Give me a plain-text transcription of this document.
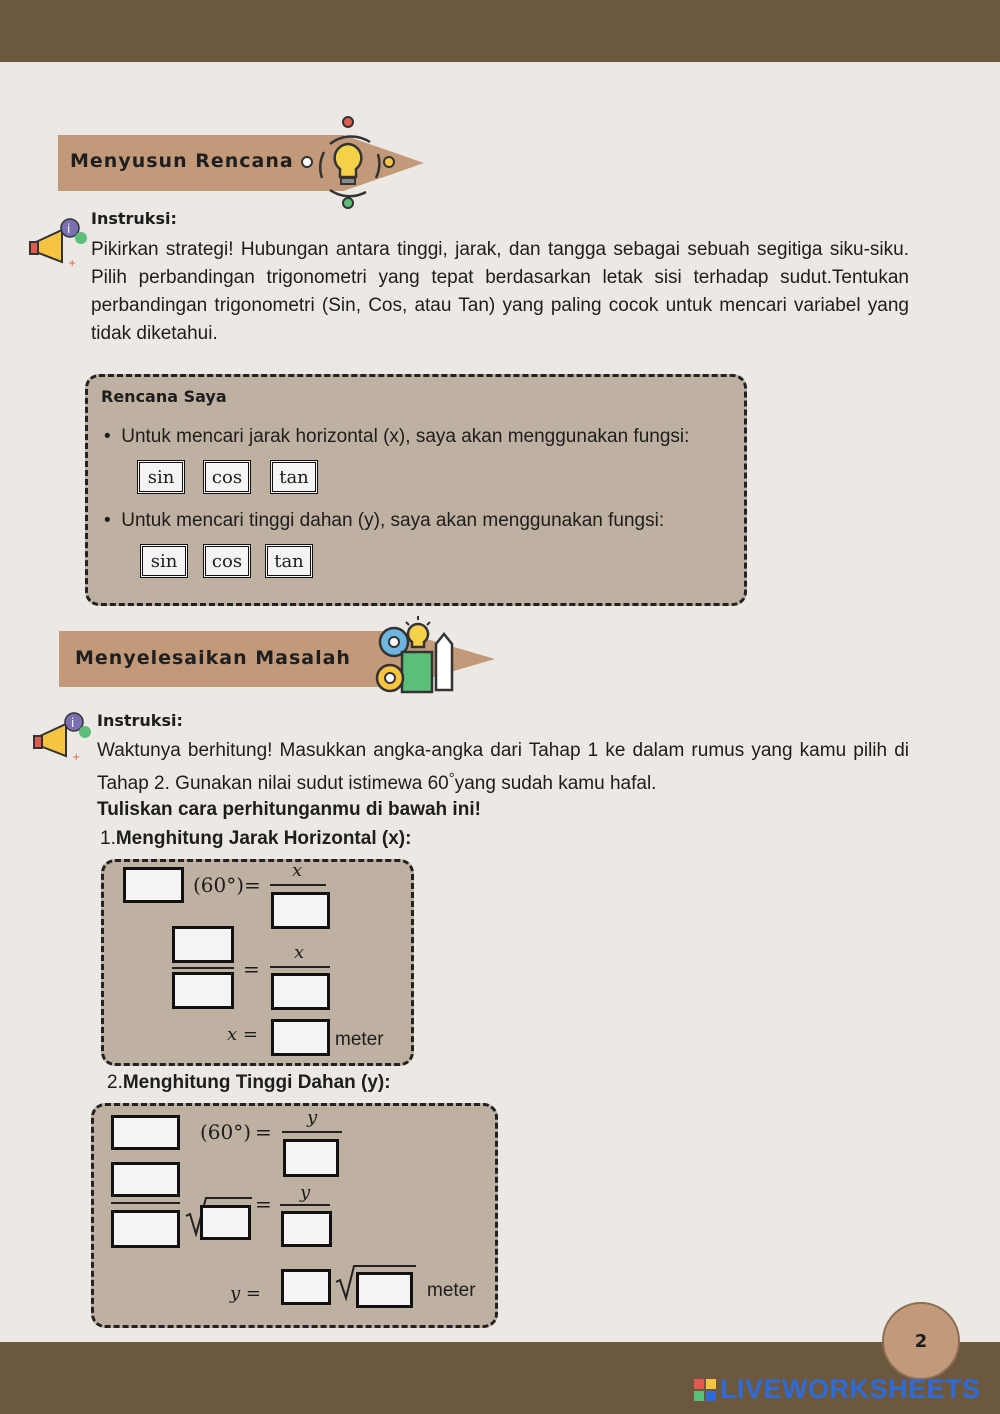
Menyusun Rencana
i
+
Instruksi:
Pikirkan strategi! Hubungan antara tinggi, jarak, dan tangga sebagai sebuah segitiga siku-siku. Pilih perbandingan trigonometri yang tepat berdasarkan letak sisi terhadap sudut.Tentukan perbandingan trigonometri (Sin, Cos, atau Tan) yang paling cocok untuk mencari variabel yang tidak diketahui.
Rencana Saya
•  Untuk mencari jarak horizontal (x), saya akan menggunakan fungsi:
sin	cos	tan
•  Untuk mencari tinggi dahan (y), saya akan menggunakan fungsi:
sin	cos	tan
Menyelesaikan Masalah
i
+
Instruksi:
Waktunya berhitung! Masukkan angka-angka dari Tahap 1 ke dalam rumus yang kamu pilih di Tahap 2. Gunakan nilai sudut istimewa 60°yang sudah kamu hafal.
Tuliskan cara perhitunganmu di bawah ini!
1.Menghitung Jarak Horizontal (x):
(60°) =
x
=
x
x =	meter
2.Menghitung Tinggi Dahan (y):
(60°) =
y
= y
y =	meter
2
LIVEWORKSHEETS
